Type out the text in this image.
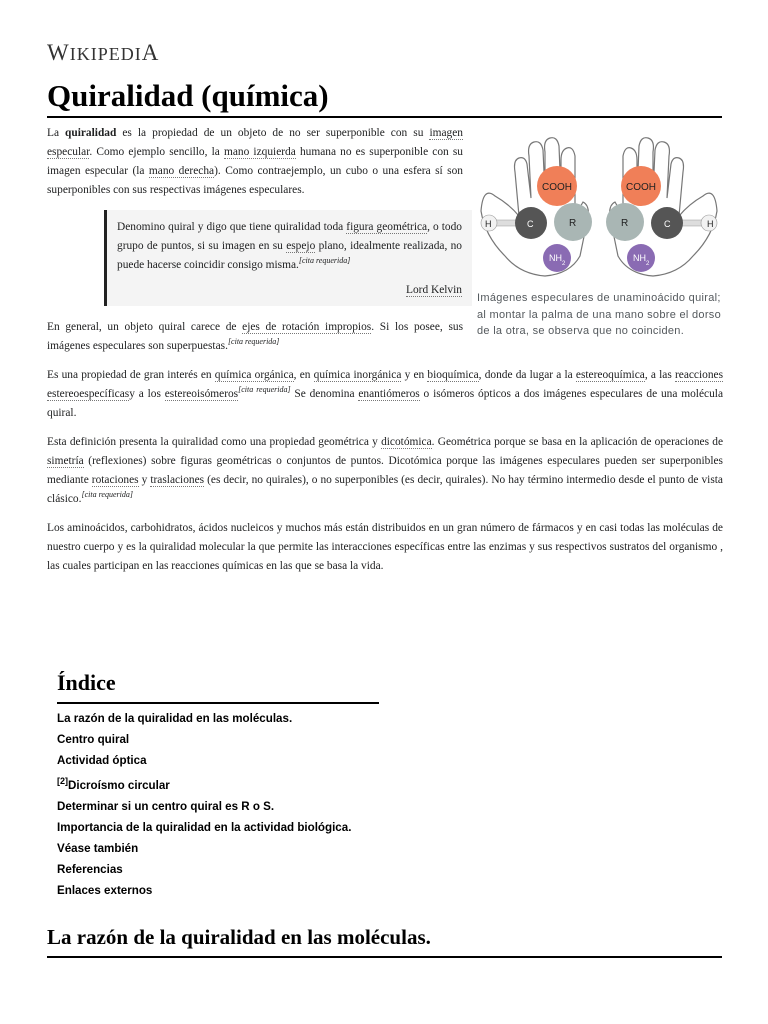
WIKIPEDIA
Quiralidad (química)
COOH
H	C	R
NH
2
COOH
H
C
R
NH
2
Imágenes especulares de unaminoácido quiral; al montar la palma de una mano sobre el dorso de la otra, se observa que no coinciden.

La quiralidad es la propiedad de un objeto de no ser superponible con su imagen especular. Como ejemplo sencillo, la mano izquierda humana no es superponible con su imagen especular (la mano derecha). Como contraejemplo, un cubo o una esfera sí son superponibles con sus respectivas imágenes especulares.

Denomino quiral y digo que tiene quiralidad toda figura geométrica, o todo grupo de puntos, si su imagen en su espejo plano, idealmente realizada, no puede hacerse coincidir consigo misma.[cita requerida]
Lord Kelvin

En general, un objeto quiral carece de ejes de rotación impropios. Si los posee, sus imágenes especulares son superpuestas.[cita requerida]

Es una propiedad de gran interés en química orgánica, en química inorgánica y en bioquímica, donde da lugar a la estereoquímica, a las reacciones estereoespecíficasy a los estereoisómeros[cita requerida] Se denomina enantiómeros o isómeros ópticos a dos imágenes especulares de una molécula quiral.

Esta definición presenta la quiralidad como una propiedad geométrica y dicotómica. Geométrica porque se basa en la aplicación de operaciones de simetría (reflexiones) sobre figuras geométricas o conjuntos de puntos. Dicotómica porque las imágenes especulares pueden ser superponibles mediante rotaciones y traslaciones (es decir, no quirales), o no superponibles (es decir, quirales). No hay término intermedio desde el punto de vista clásico.[cita requerida]

Los aminoácidos, carbohidratos, ácidos nucleicos y muchos más están distribuidos en un gran número de fármacos y en casi todas las moléculas de nuestro cuerpo y es la quiralidad molecular la que permite las interacciones específicas entre las enzimas y sus respectivos sustratos del organismo , las cuales participan en las reacciones químicas en las que se basa la vida.

Índice
La razón de la quiralidad en las moléculas.
Centro quiral
Actividad óptica
[2]Dicroísmo circular
Determinar si un centro quiral es R o S.
Importancia de la quiralidad en la actividad biológica.
Véase también
Referencias
Enlaces externos
La razón de la quiralidad en las moléculas.
